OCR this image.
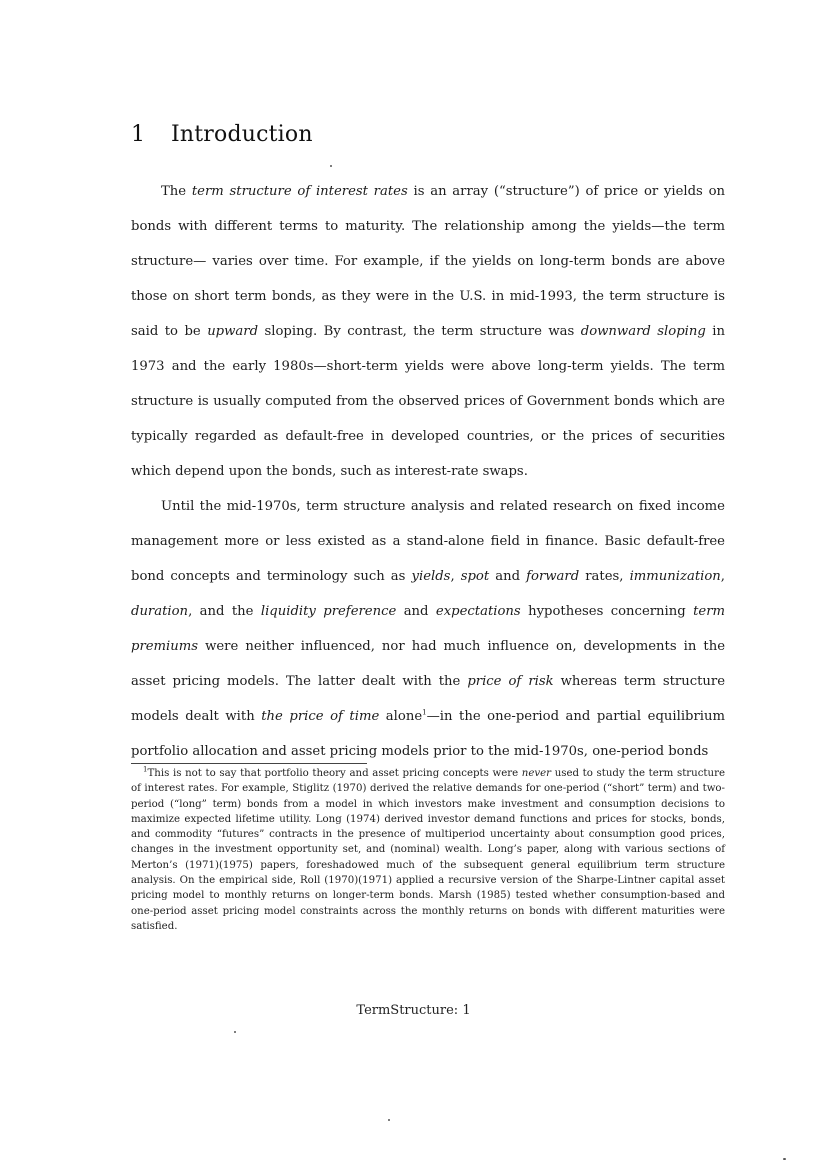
1 Introduction

The term structure of interest rates is an array (“structure”) of price or yields on bonds with different terms to maturity. The relationship among the yields—the term structure— varies over time. For example, if the yields on long-term bonds are above those on short term bonds, as they were in the U.S. in mid-1993, the term structure is said to be upward sloping. By contrast, the term structure was downward sloping in 1973 and the early 1980s—short-term yields were above long-term yields. The term structure is usually computed from the observed prices of Government bonds which are typically regarded as default-free in developed countries, or the prices of securities which depend upon the bonds, such as interest-rate swaps.

Until the mid-1970s, term structure analysis and related research on fixed income management more or less existed as a stand-alone field in finance. Basic default-free bond concepts and terminology such as yields, spot and forward rates, immunization, duration, and the liquidity preference and expectations hypotheses concerning term premiums were neither influenced, nor had much influence on, developments in the asset pricing models. The latter dealt with the price of risk whereas term structure models dealt with the price of time alone$^1$—in the one-period and partial equilibrium portfolio allocation and asset pricing models prior to the mid-1970s, one-period bonds

$^1$This is not to say that portfolio theory and asset pricing concepts were never used to study the term structure of interest rates. For example, Stiglitz (1970) derived the relative demands for one-period (“short” term) and two-period (“long” term) bonds from a model in which investors make investment and consumption decisions to maximize expected lifetime utility. Long (1974) derived investor demand functions and prices for stocks, bonds, and commodity “futures” contracts in the presence of multiperiod uncertainty about consumption good prices, changes in the investment opportunity set, and (nominal) wealth. Long’s paper, along with various sections of Merton’s (1971)(1975) papers, foreshadowed much of the subsequent general equilibrium term structure analysis. On the empirical side, Roll (1970)(1971) applied a recursive version of the Sharpe-Lintner capital asset pricing model to monthly returns on longer-term bonds. Marsh (1985) tested whether consumption-based and one-period asset pricing model constraints across the monthly returns on bonds with different maturities were satisfied.

TermStructure: 1
